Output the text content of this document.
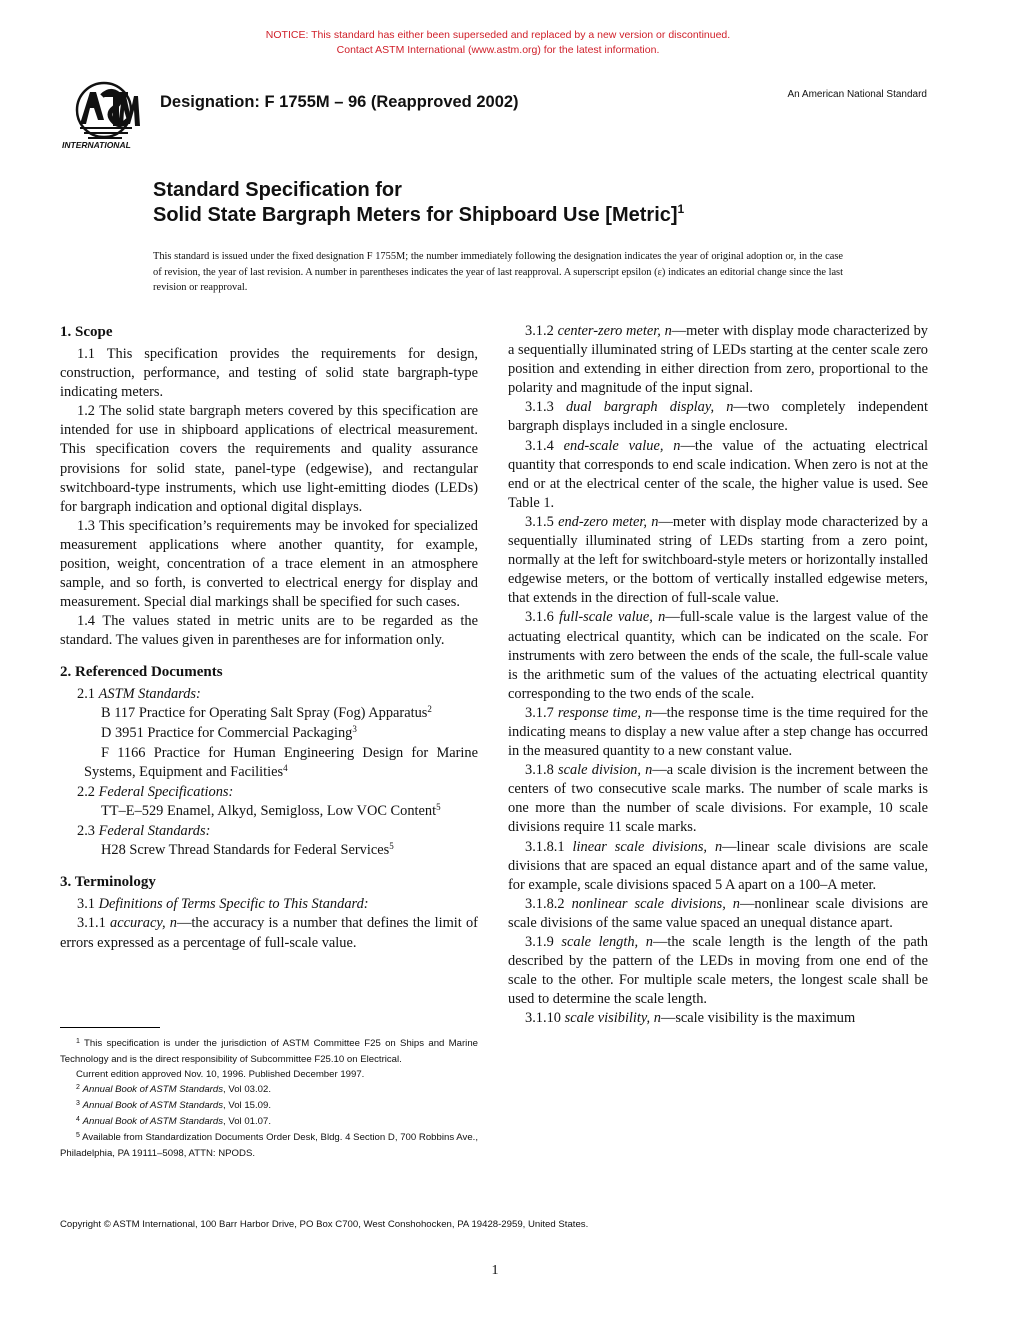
NOTICE: This standard has either been superseded and replaced by a new version or discontinued.
Contact ASTM International (www.astm.org) for the latest information.
INTERNATIONAL
Designation: F 1755M – 96 (Reapproved 2002)	An American National Standard
Standard Specification for
Solid State Bargraph Meters for Shipboard Use [Metric]$^1$
This standard is issued under the fixed designation F 1755M; the number immediately following the designation indicates the year of original adoption or, in the case of revision, the year of last revision. A number in parentheses indicates the year of last reapproval. A superscript epsilon (ε) indicates an editorial change since the last revision or reapproval.
1. Scope

1.1 This specification provides the requirements for design, construction, performance, and testing of solid state bargraph-type indicating meters.

1.2 The solid state bargraph meters covered by this specification are intended for use in shipboard applications of electrical measurement. This specification covers the requirements and quality assurance provisions for solid state, panel-type (edgewise), and rectangular switchboard-type instruments, which use light-emitting diodes (LEDs) for bargraph indication and optional digital displays.

1.3 This specification’s requirements may be invoked for specialized measurement applications where another quantity, for example, position, weight, concentration of a trace element in an atmosphere sample, and so forth, is converted to electrical energy for display and measurement. Special dial markings shall be specified for such cases.

1.4 The values stated in metric units are to be regarded as the standard. The values given in parentheses are for information only.

2. Referenced Documents

2.1 ASTM Standards:

B 117 Practice for Operating Salt Spray (Fog) Apparatus$^2$

D 3951 Practice for Commercial Packaging$^3$

F 1166 Practice for Human Engineering Design for Marine Systems, Equipment and Facilities$^4$

2.2 Federal Specifications:

TT–E–529 Enamel, Alkyd, Semigloss, Low VOC Content$^5$

2.3 Federal Standards:

H28 Screw Thread Standards for Federal Services$^5$

3. Terminology

3.1 Definitions of Terms Specific to This Standard:

3.1.1 accuracy, n—the accuracy is a number that defines the limit of errors expressed as a percentage of full-scale value.

$^1$ This specification is under the jurisdiction of ASTM Committee F25 on Ships and Marine Technology and is the direct responsibility of Subcommittee F25.10 on Electrical.

Current edition approved Nov. 10, 1996. Published December 1997.

$^2$ Annual Book of ASTM Standards, Vol 03.02.

$^3$ Annual Book of ASTM Standards, Vol 15.09.

$^4$ Annual Book of ASTM Standards, Vol 01.07.

$^5$ Available from Standardization Documents Order Desk, Bldg. 4 Section D, 700 Robbins Ave., Philadelphia, PA 19111–5098, ATTN: NPODS.

3.1.2 center-zero meter, n—meter with display mode characterized by a sequentially illuminated string of LEDs starting at the center scale zero position and extending in either direction from zero, proportional to the polarity and magnitude of the input signal.

3.1.3 dual bargraph display, n—two completely independent bargraph displays included in a single enclosure.

3.1.4 end-scale value, n—the value of the actuating electrical quantity that corresponds to end scale indication. When zero is not at the end or at the electrical center of the scale, the higher value is used. See Table 1.

3.1.5 end-zero meter, n—meter with display mode characterized by a sequentially illuminated string of LEDs starting from a zero point, normally at the left for switchboard-style meters or horizontally installed edgewise meters, or the bottom of vertically installed edgewise meters, that extends in the direction of full-scale value.

3.1.6 full-scale value, n—full-scale value is the largest value of the actuating electrical quantity, which can be indicated on the scale. For instruments with zero between the ends of the scale, the full-scale value is the arithmetic sum of the values of the actuating electrical quantity corresponding to the two ends of the scale.

3.1.7 response time, n—the response time is the time required for the indicating means to display a new value after a step change has occurred in the measured quantity to a new constant value.

3.1.8 scale division, n—a scale division is the increment between the centers of two consecutive scale marks. The number of scale marks is one more than the number of scale divisions. For example, 10 scale divisions require 11 scale marks.

3.1.8.1 linear scale divisions, n—linear scale divisions are scale divisions that are spaced an equal distance apart and of the same value, for example, scale divisions spaced 5 A apart on a 100–A meter.

3.1.8.2 nonlinear scale divisions, n—nonlinear scale divisions are scale divisions of the same value spaced an unequal distance apart.

3.1.9 scale length, n—the scale length is the length of the path described by the pattern of the LEDs in moving from one end of the scale to the other. For multiple scale meters, the longest scale shall be used to determine the scale length.

3.1.10 scale visibility, n—scale visibility is the maximum

Copyright © ASTM International, 100 Barr Harbor Drive, PO Box C700, West Conshohocken, PA 19428-2959, United States.
1
